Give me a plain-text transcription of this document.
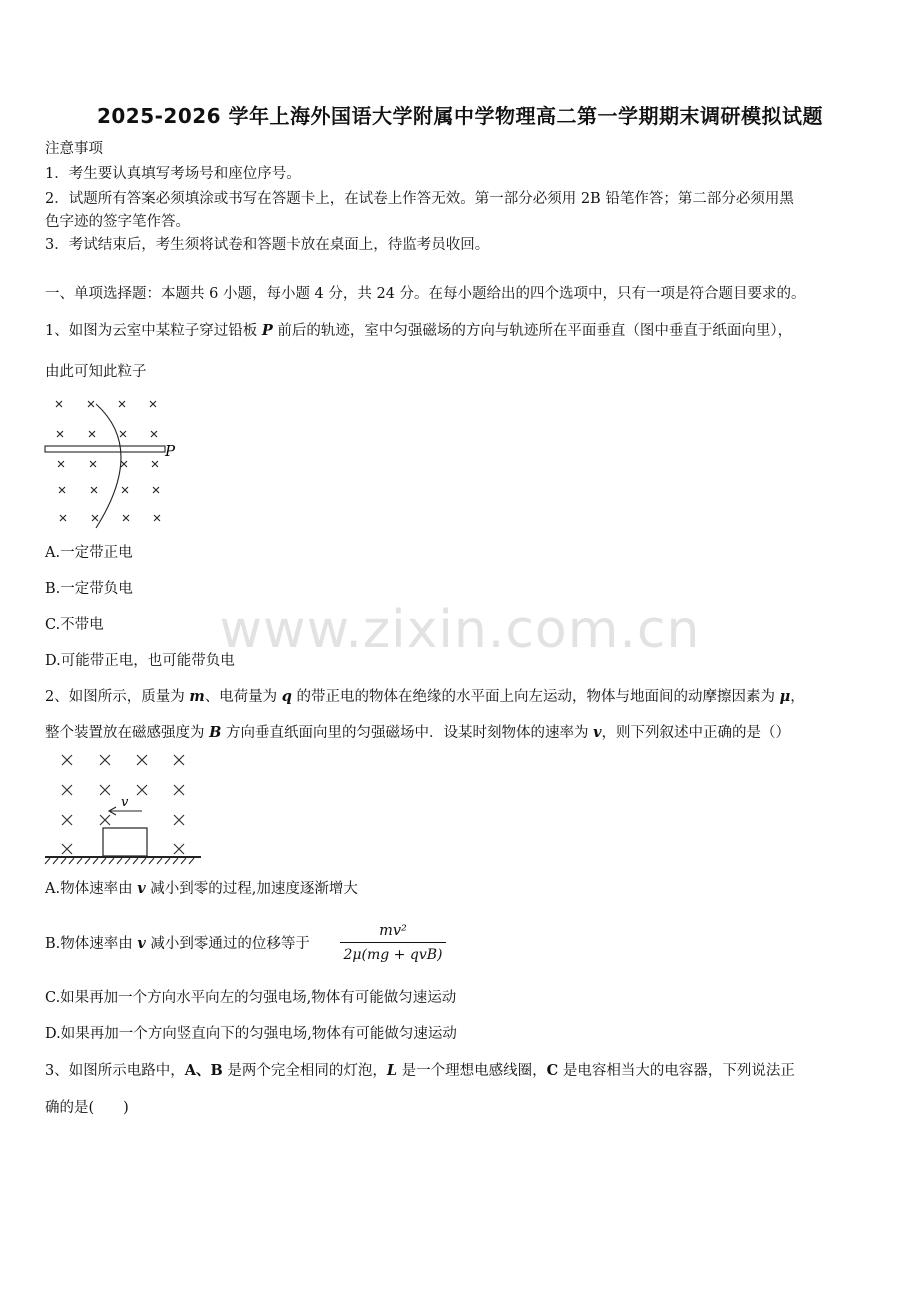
2025-2026 学年上海外国语大学附属中学物理高二第一学期期末调研模拟试题
注意事项
1．考生要认真填写考场号和座位序号。
2．试题所有答案必须填涂或书写在答题卡上，在试卷上作答无效。第一部分必须用 2B 铅笔作答；第二部分必须用黑
色字迹的签字笔作答。
3．考试结束后，考生须将试卷和答题卡放在桌面上，待监考员收回。
一、单项选择题：本题共 6 小题，每小题 4 分，共 24 分。在每小题给出的四个选项中，只有一项是符合题目要求的。
1、如图为云室中某粒子穿过铅板 P 前后的轨迹，室中匀强磁场的方向与轨迹所在平面垂直（图中垂直于纸面向里），
由此可知此粒子
P
A.一定带正电
B.一定带负电
C.不带电
D.可能带正电，也可能带负电
2、如图所示，质量为 m、电荷量为 q 的带正电的物体在绝缘的水平面上向左运动，物体与地面间的动摩擦因素为 μ，
整个装置放在磁感强度为 B 方向垂直纸面向里的匀强磁场中．设某时刻物体的速率为 v，则下列叙述中正确的是（）
v
A.物体速率由 v 减小到零的过程,加速度逐渐增大
B.物体速率由 v 减小到零通过的位移等于
mv²
2μ(mg + qvB)
C.如果再加一个方向水平向左的匀强电场,物体有可能做匀速运动
D.如果再加一个方向竖直向下的匀强电场,物体有可能做匀速运动
3、如图所示电路中，A、B 是两个完全相同的灯泡，L 是一个理想电感线圈，C 是电容相当大的电容器，下列说法正
确的是(　　)
www.zixin.com.cn
